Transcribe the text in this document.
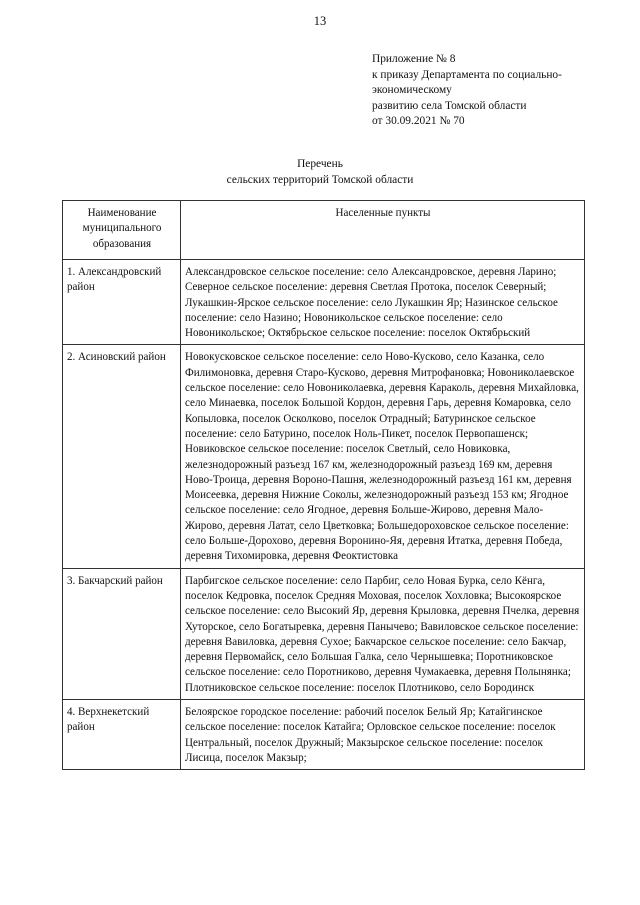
13
Приложение № 8
к приказу Департамента по социально-
экономическому
развитию села Томской области
от 30.09.2021 № 70
Перечень
сельских территорий Томской области
Наименование муниципального образования	Населенные пункты
1. Александровский район	Александровское сельское поселение: село Александровское, деревня Ларино; Северное сельское поселение: деревня Светлая Протока, поселок Северный; Лукашкин-Ярское сельское поселение: село Лукашкин Яр; Назинское сельское поселение: село Назино; Новоникольское сельское поселение: село Новоникольское; Октябрьское сельское поселение: поселок Октябрьский
2. Асиновский район	Новокусковское сельское поселение: село Ново-Кусково, село Казанка, село Филимоновка, деревня Старо-Кусково, деревня Митрофановка; Новониколаевское сельское поселение: село Новониколаевка, деревня Караколь, деревня Михайловка, село Минаевка, поселок Большой Кордон, деревня Гарь, деревня Комаровка, село Копыловка, поселок Осколково, поселок Отрадный; Батуринское сельское поселение: село Батурино, поселок Ноль-Пикет, поселок Первопашенск; Новиковское сельское поселение: поселок Светлый, село Новиковка, железнодорожный разъезд 167 км, железнодорожный разъезд 169 км, деревня Ново-Троица, деревня Вороно-Пашня, железнодорожный разъезд 161 км, деревня Моисеевка, деревня Нижние Соколы, железнодорожный разъезд 153 км; Ягодное сельское поселение: село Ягодное, деревня Больше-Жирово, деревня Мало-Жирово, деревня Латат, село Цветковка; Большедороховское сельское поселение: село Больше-Дорохово, деревня Воронино-Яя, деревня Итатка, деревня Победа, деревня Тихомировка, деревня Феоктистовка
3. Бакчарский район	Парбигское сельское поселение: село Парбиг, село Новая Бурка, село Кёнга, поселок Кедровка, поселок Средняя Моховая, поселок Хохловка; Высокоярское сельское поселение: село Высокий Яр, деревня Крыловка, деревня Пчелка, деревня Хуторское, село Богатыревка, деревня Панычево; Вавиловское сельское поселение: деревня Вавиловка, деревня Сухое; Бакчарское сельское поселение: село Бакчар, деревня Первомайск, село Большая Галка, село Чернышевка; Поротниковское сельское поселение: село Поротниково, деревня Чумакаевка, деревня Полынянка; Плотниковское сельское поселение: поселок Плотниково, село Бородинск
4. Верхнекетский район	Белоярское городское поселение: рабочий поселок Белый Яр; Катайгинское сельское поселение: поселок Катайга; Орловское сельское поселение: поселок Центральный, поселок Дружный; Макзырское сельское поселение: поселок Лисица, поселок Макзыр;
